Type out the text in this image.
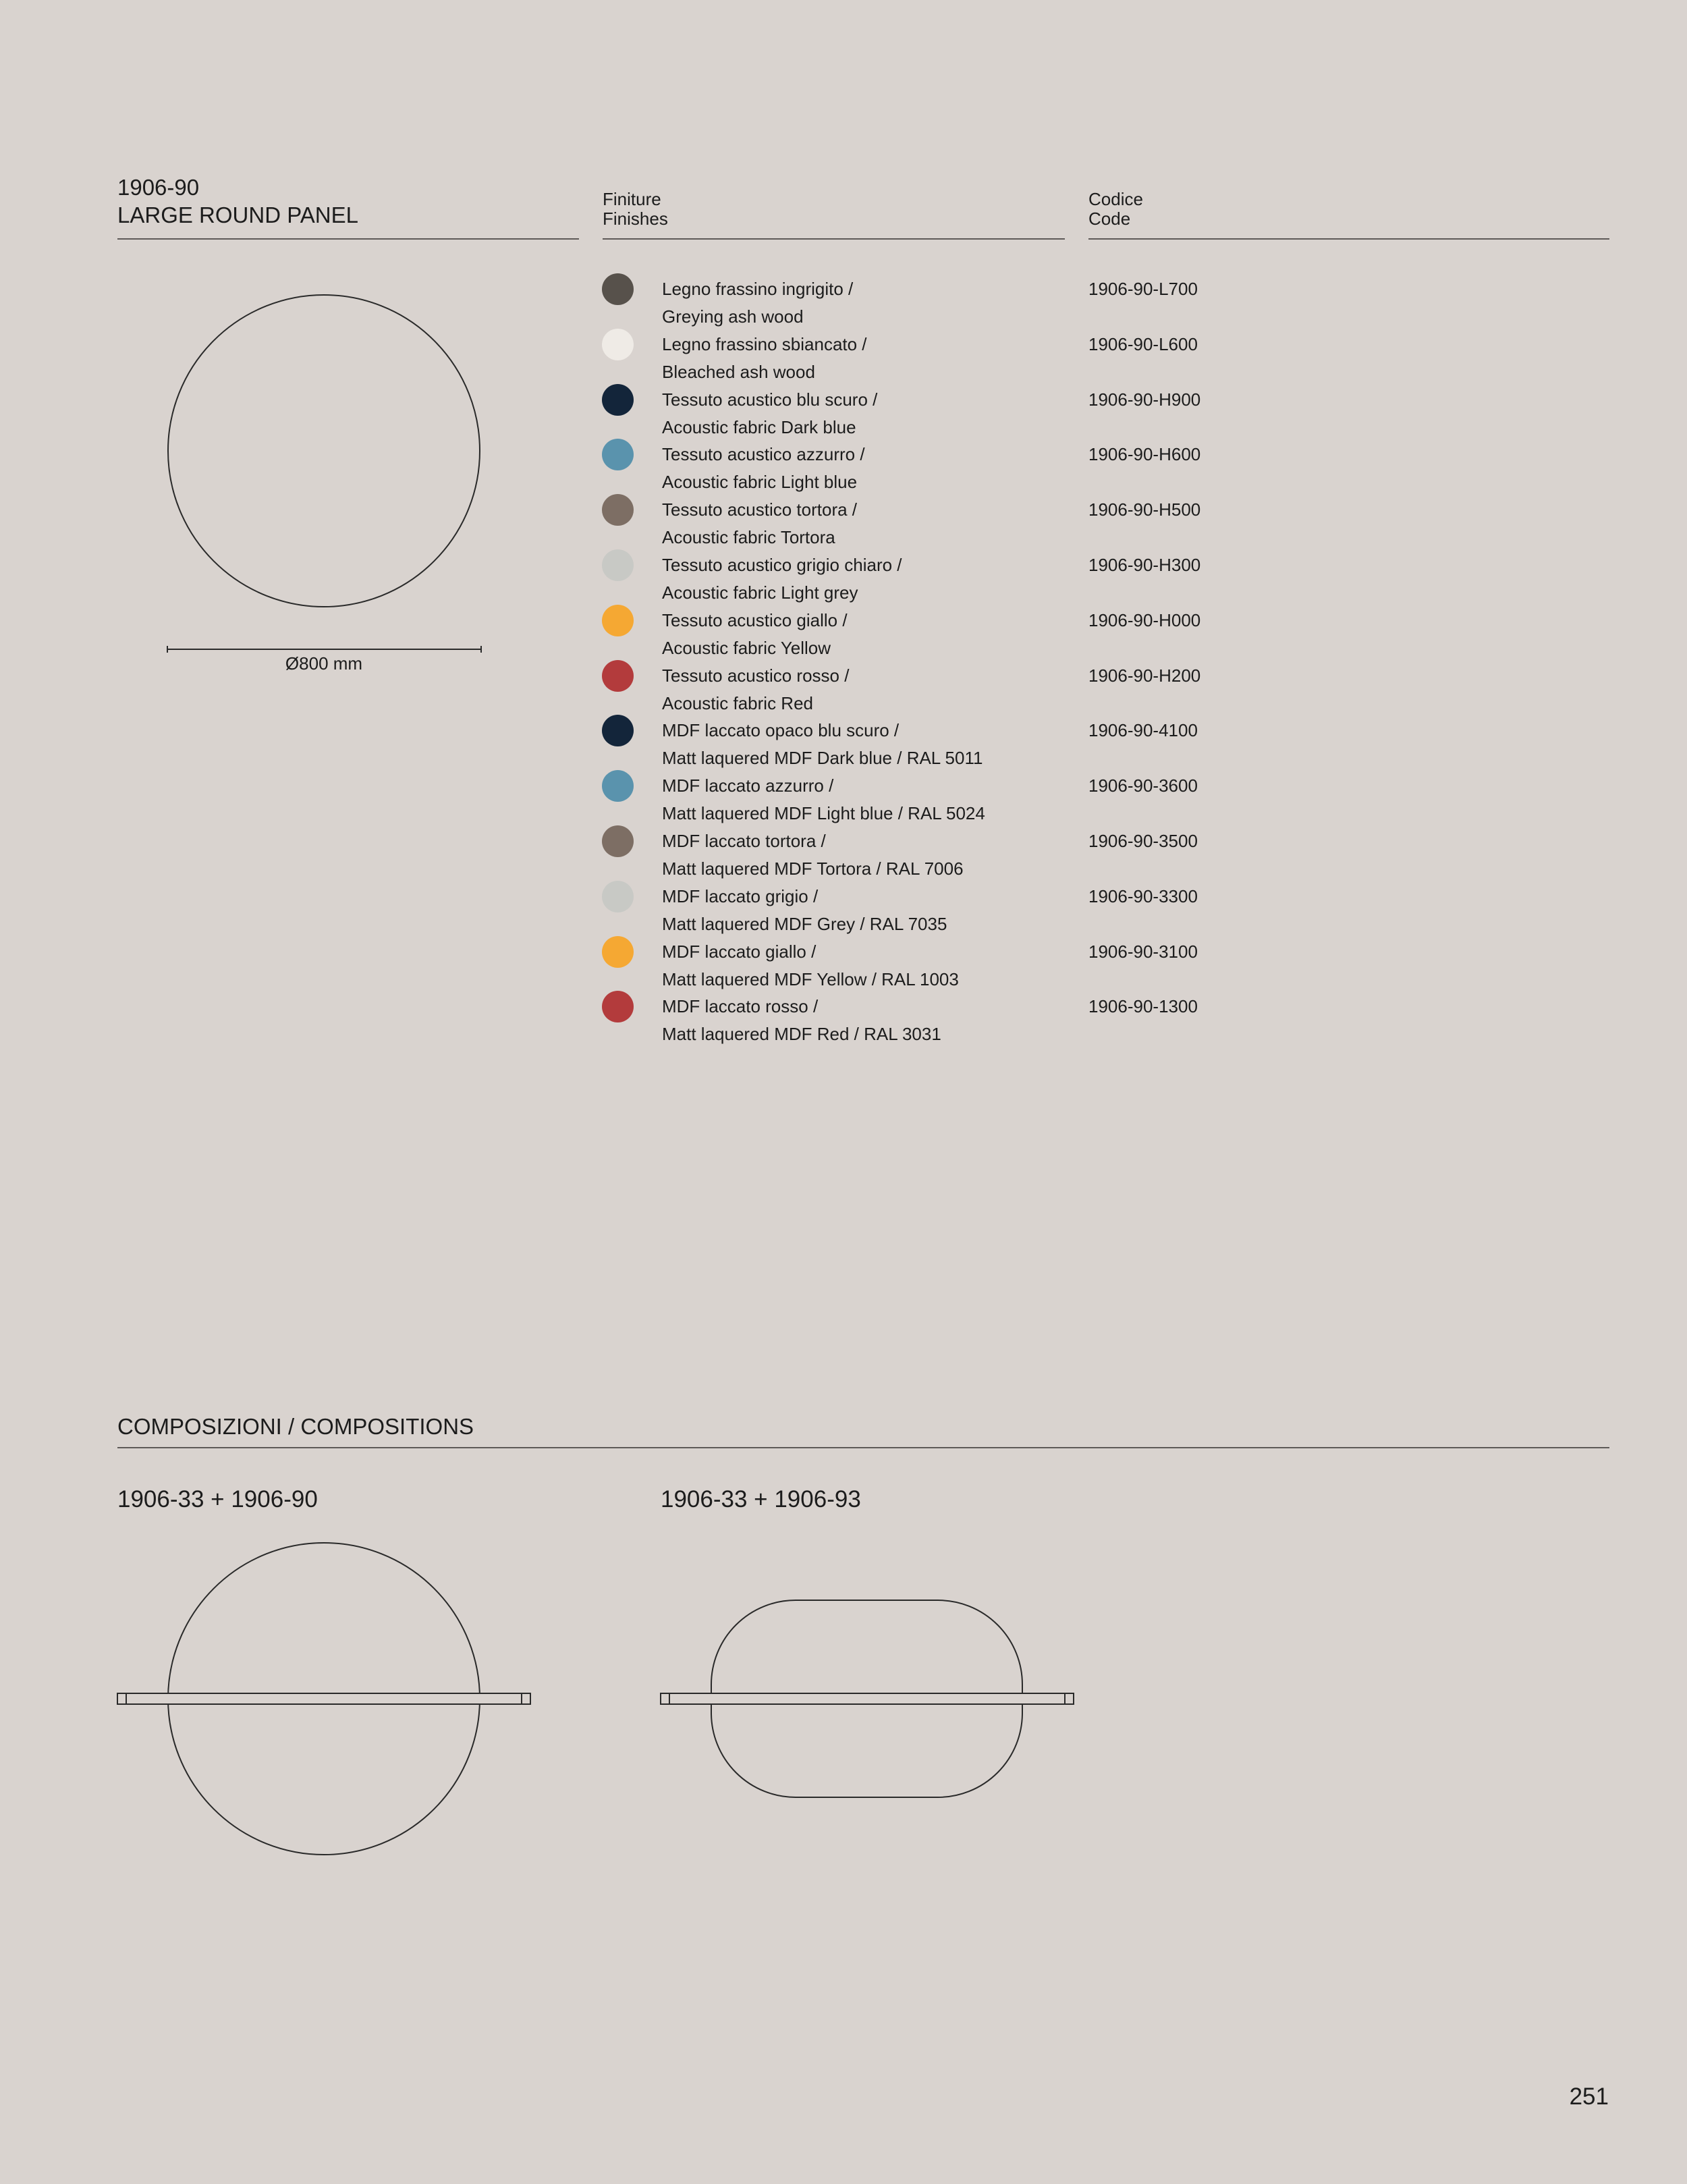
1906-90
LARGE ROUND PANEL
Finiture
Finishes
Codice
Code
Ø800 mm
Legno frassino ingrigito /
Greying ash wood
1906-90-L700
Legno frassino sbiancato /
Bleached ash wood
1906-90-L600
Tessuto acustico blu scuro /
Acoustic fabric Dark blue
1906-90-H900
Tessuto acustico azzurro /
Acoustic fabric Light blue
1906-90-H600
Tessuto acustico tortora /
Acoustic fabric Tortora
1906-90-H500
Tessuto acustico grigio chiaro /
Acoustic fabric Light grey
1906-90-H300
Tessuto acustico giallo /
Acoustic fabric Yellow
1906-90-H000
Tessuto acustico rosso /
Acoustic fabric Red
1906-90-H200
MDF laccato opaco blu scuro /
Matt laquered MDF Dark blue / RAL 5011
1906-90-4100
MDF laccato azzurro /
Matt laquered MDF Light blue / RAL 5024
1906-90-3600
MDF laccato tortora /
Matt laquered MDF Tortora / RAL 7006
1906-90-3500
MDF laccato grigio /
Matt laquered MDF Grey / RAL 7035
1906-90-3300
MDF laccato giallo /
Matt laquered MDF Yellow / RAL 1003
1906-90-3100
MDF laccato rosso /
Matt laquered MDF Red / RAL 3031
1906-90-1300
COMPOSIZIONI / COMPOSITIONS
1906-33 + 1906-90	1906-33 + 1906-93
251
